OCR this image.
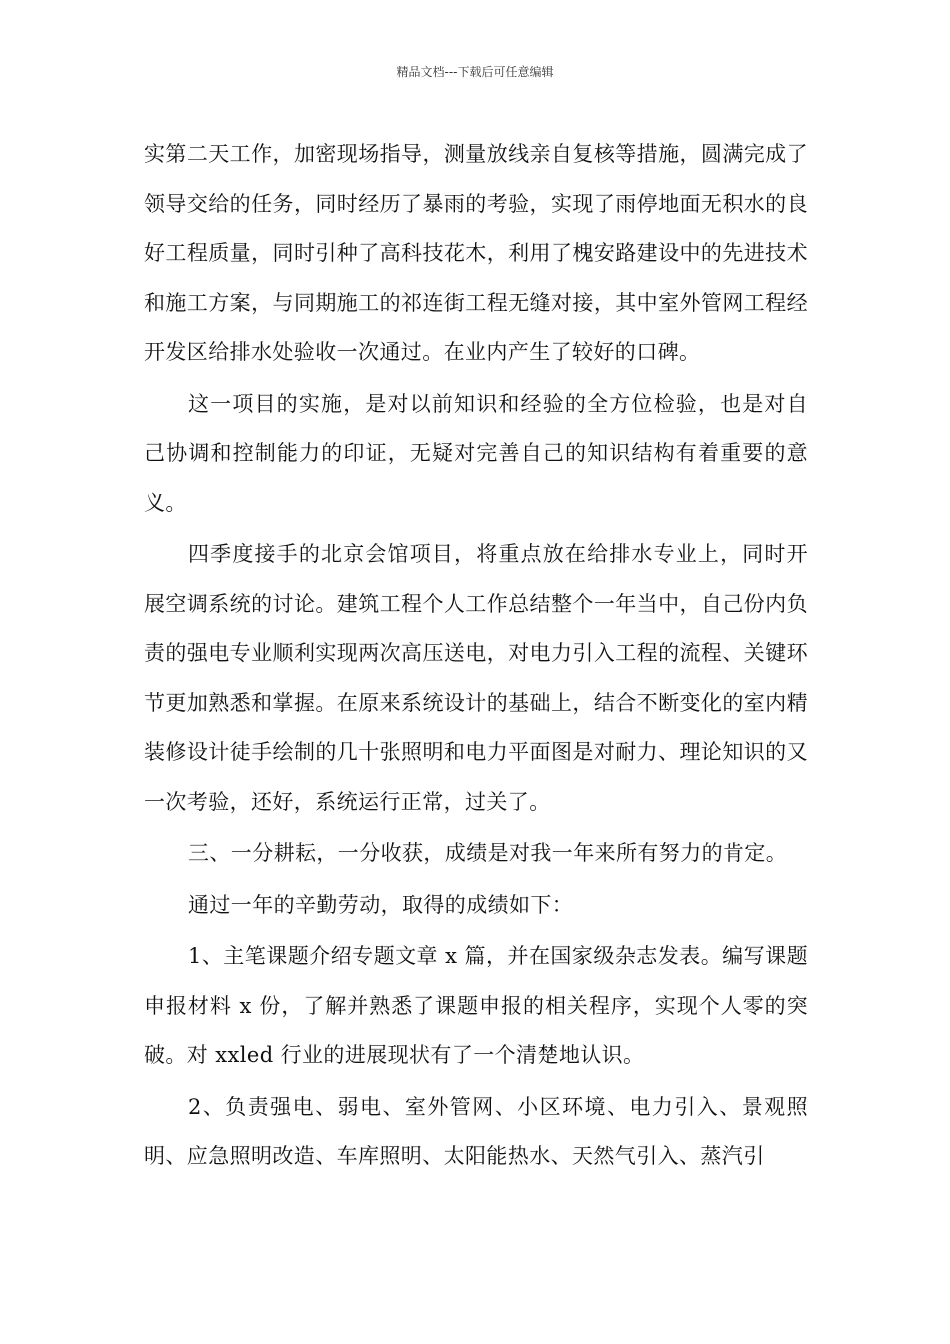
精品文档---下载后可任意编辑

实第二天工作，加密现场指导，测量放线亲自复核等措施，圆满完成了领导交给的任务，同时经历了暴雨的考验，实现了雨停地面无积水的良好工程质量，同时引种了高科技花木，利用了槐安路建设中的先进技术和施工方案，与同期施工的祁连街工程无缝对接，其中室外管网工程经开发区给排水处验收一次通过。在业内产生了较好的口碑。

这一项目的实施，是对以前知识和经验的全方位检验，也是对自己协调和控制能力的印证，无疑对完善自己的知识结构有着重要的意义。

四季度接手的北京会馆项目，将重点放在给排水专业上，同时开展空调系统的讨论。建筑工程个人工作总结整个一年当中，自己份内负责的强电专业顺利实现两次高压送电，对电力引入工程的流程、关键环节更加熟悉和掌握。在原来系统设计的基础上，结合不断变化的室内精装修设计徒手绘制的几十张照明和电力平面图是对耐力、理论知识的又一次考验，还好，系统运行正常，过关了。

三、一分耕耘，一分收获，成绩是对我一年来所有努力的肯定。

通过一年的辛勤劳动，取得的成绩如下：

1、主笔课题介绍专题文章 x 篇，并在国家级杂志发表。编写课题申报材料 x 份，了解并熟悉了课题申报的相关程序，实现个人零的突破。对 xxled 行业的进展现状有了一个清楚地认识。

2、负责强电、弱电、室外管网、小区环境、电力引入、景观照明、应急照明改造、车库照明、太阳能热水、天然气引入、蒸汽引
